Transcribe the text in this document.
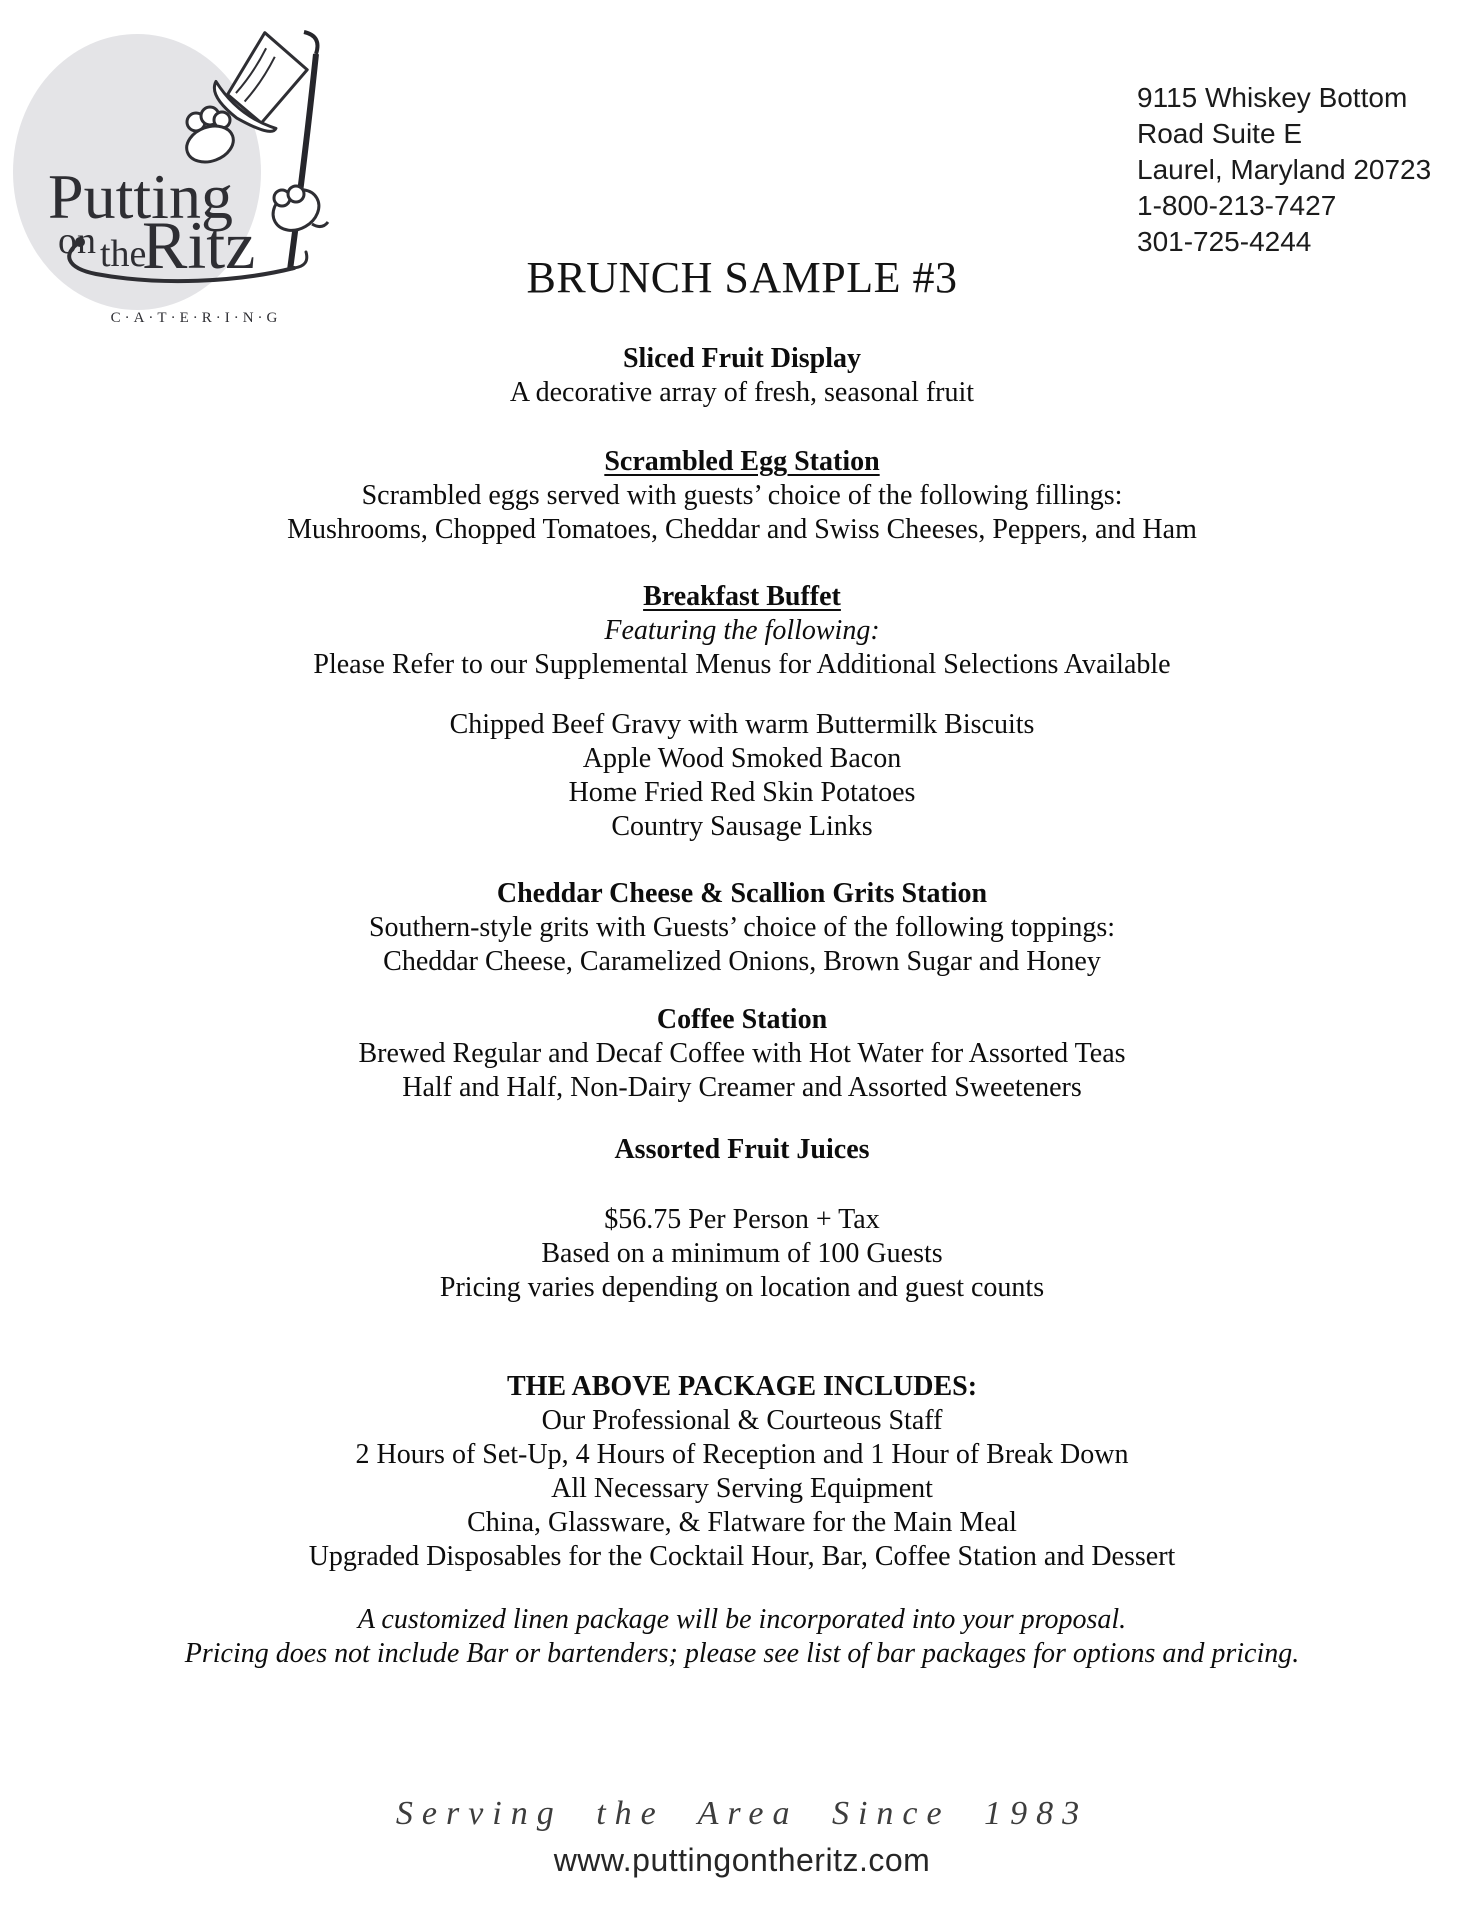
Putting
on the
Ritz
C·A·T·E·R·I·N·G
9115 Whiskey Bottom
Road Suite E
Laurel, Maryland 20723
1-800-213-7427
301-725-4244
BRUNCH SAMPLE #3
Sliced Fruit Display
A decorative array of fresh, seasonal fruit
Scrambled Egg Station
Scrambled eggs served with guests’ choice of the following fillings:
Mushrooms, Chopped Tomatoes, Cheddar and Swiss Cheeses, Peppers, and Ham
Breakfast Buffet
Featuring the following:
Please Refer to our Supplemental Menus for Additional Selections Available
Chipped Beef Gravy with warm Buttermilk Biscuits
Apple Wood Smoked Bacon
Home Fried Red Skin Potatoes
Country Sausage Links
Cheddar Cheese & Scallion Grits Station
Southern-style grits with Guests’ choice of the following toppings:
Cheddar Cheese, Caramelized Onions, Brown Sugar and Honey
Coffee Station
Brewed Regular and Decaf Coffee with Hot Water for Assorted Teas
Half and Half, Non-Dairy Creamer and Assorted Sweeteners
Assorted Fruit Juices
$56.75 Per Person + Tax
Based on a minimum of 100 Guests
Pricing varies depending on location and guest counts
THE ABOVE PACKAGE INCLUDES:
Our Professional & Courteous Staff
2 Hours of Set-Up, 4 Hours of Reception and 1 Hour of Break Down
All Necessary Serving Equipment
China, Glassware, & Flatware for the Main Meal
Upgraded Disposables for the Cocktail Hour, Bar, Coffee Station and Dessert
A customized linen package will be incorporated into your proposal.
Pricing does not include Bar or bartenders; please see list of bar packages for options and pricing.
Serving the Area Since 1983
www.puttingontheritz.com
